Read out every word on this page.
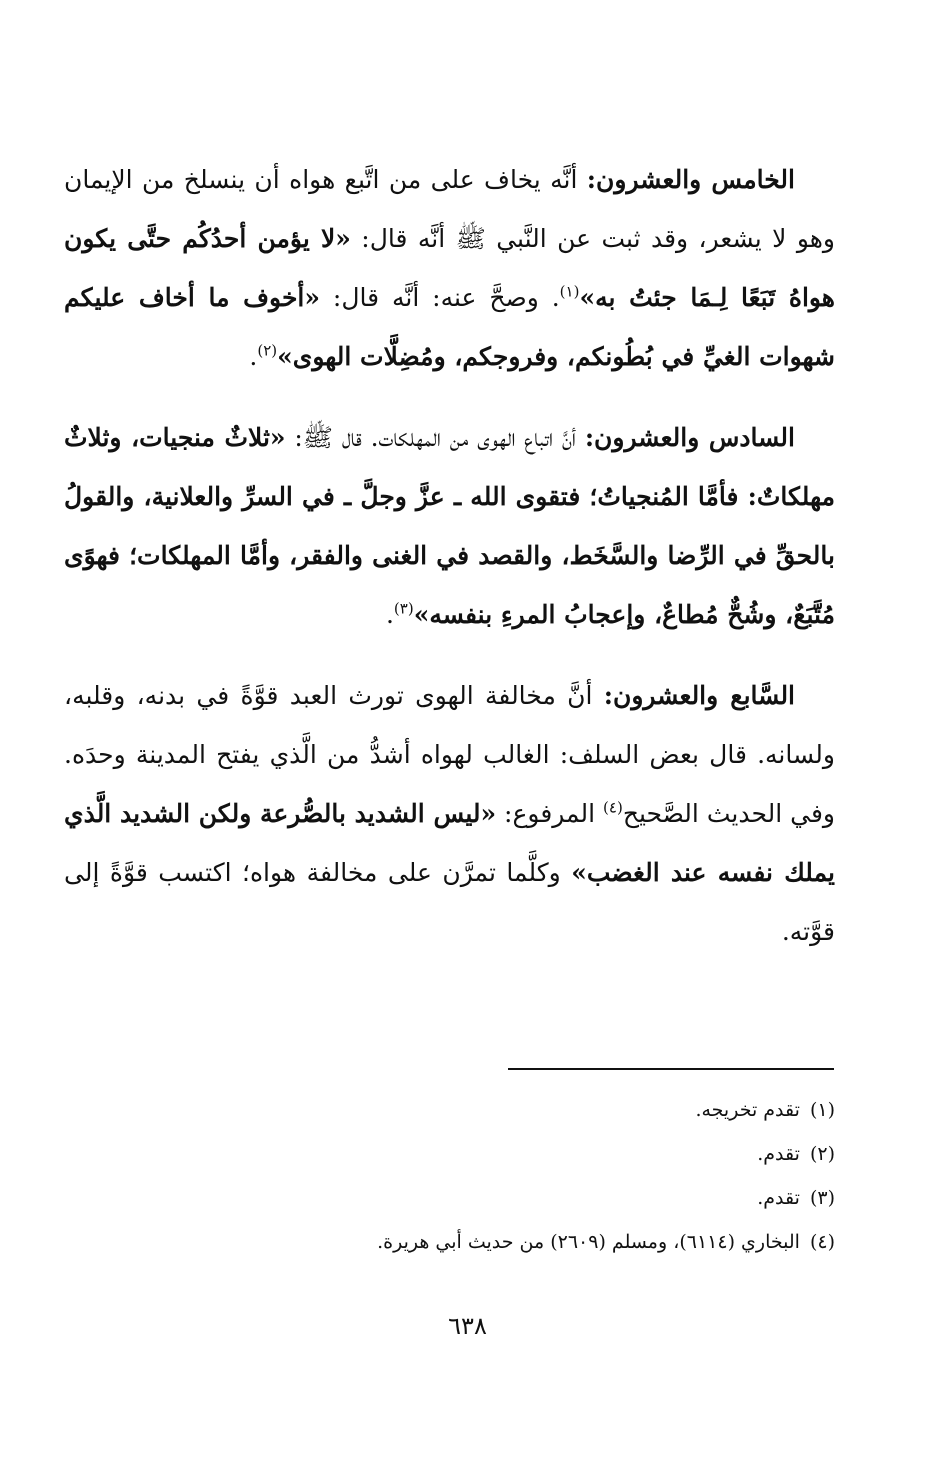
الخامس والعشرون: أنَّه يخاف على من اتَّبع هواه أن ينسلخ من الإيمان وهو لا يشعر، وقد ثبت عن النَّبي ﷺ أنَّه قال: «لا يؤمن أحدُكُم حتَّى يكون هواهُ تَبَعًا لِـمَا جئتُ به»$^{(١)}$. وصحَّ عنه: أنَّه قال: «أخوف ما أخاف عليكم شهوات الغيِّ في بُطُونكم، وفروجكم، ومُضِلَّات الهوى»$^{(٢)}$.

السادس والعشرون: أنَّ اتباع الهوى من المهلكات. قال ﷺ: «ثلاثٌ منجيات، وثلاثٌ مهلكاتٌ: فأمَّا المُنجياتُ؛ فتقوى الله ـ عزَّ وجلَّ ـ في السرِّ والعلانية، والقولُ بالحقِّ في الرِّضا والسَّخَط، والقصد في الغنى والفقر، وأمَّا المهلكات؛ فهوًى مُتَّبَعٌ، وشُحٌّ مُطاعٌ، وإعجابُ المرءِ بنفسه»$^{(٣)}$.

السَّابع والعشرون: أنَّ مخالفة الهوى تورث العبد قوَّةً في بدنه، وقلبه، ولسانه. قال بعض السلف: الغالب لهواه أشدُّ من الَّذي يفتح المدينة وحدَه. وفي الحديث الصَّحيح$^{(٤)}$ المرفوع: «ليس الشديد بالصُّرعة ولكن الشديد الَّذي يملك نفسه عند الغضب» وكلَّما تمرَّن على مخالفة هواه؛ اكتسب قوَّةً إلى قوَّته.

(١)تقدم تخريجه.
(٢)تقدم.
(٣)تقدم.
(٤)البخاري (٦١١٤)، ومسلم (٢٦٠٩) من حديث أبي هريرة.
٦٣٨
